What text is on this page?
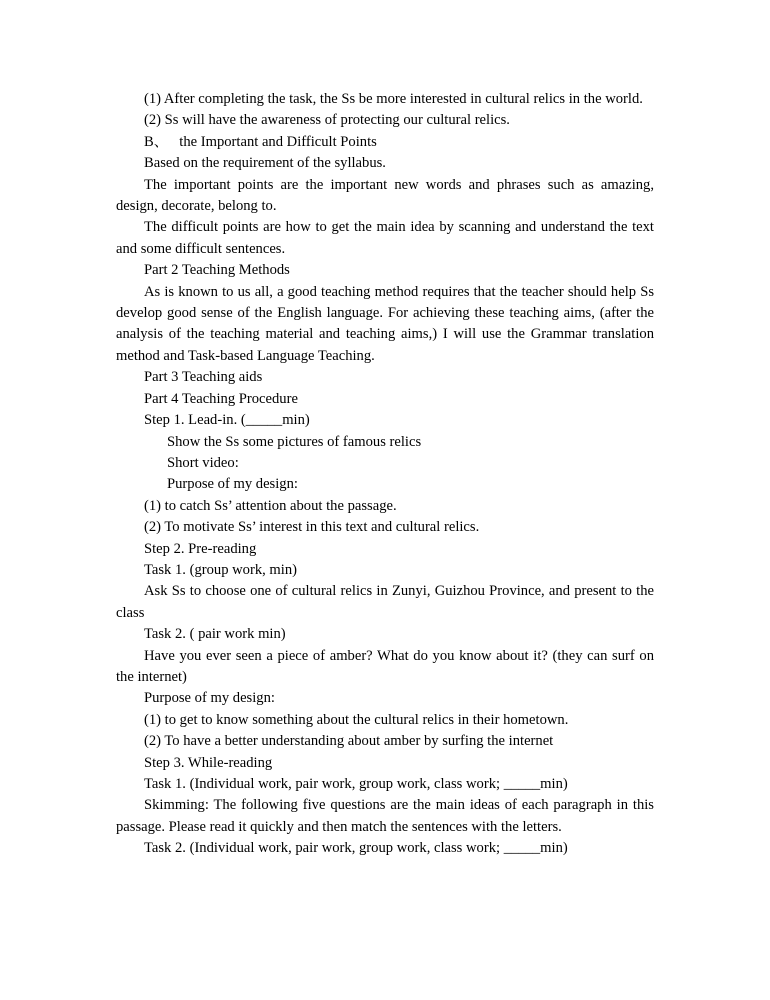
(1) After completing the task, the Ss be more interested in cultural relics in the world.

(2) Ss will have the awareness of protecting our cultural relics.

B、   the Important and Difficult Points

Based on the requirement of the syllabus.

The important points are the important new words and phrases such as amazing, design, decorate, belong to.

The difficult points are how to get the main idea by scanning and understand the text and some difficult sentences.

Part 2 Teaching Methods

As is known to us all, a good teaching method requires that the teacher should help Ss develop good sense of the English language. For achieving these teaching aims, (after the analysis of the teaching material and teaching aims,) I will use the Grammar translation method and Task-based Language Teaching.

Part 3 Teaching aids

Part 4 Teaching Procedure

Step 1. Lead-in. (_____min)

Show the Ss some pictures of famous relics

Short video:

Purpose of my design:

(1) to catch Ss’ attention about the passage.

(2) To motivate Ss’ interest in this text and cultural relics.

Step 2. Pre-reading

Task 1. (group work, min)

Ask Ss to choose one of cultural relics in Zunyi, Guizhou Province, and present to the class

Task 2. ( pair work min)

Have you ever seen a piece of amber? What do you know about it? (they can surf on the internet)

Purpose of my design:

(1) to get to know something about the cultural relics in their hometown.

(2) To have a better understanding about amber by surfing the internet

Step 3. While-reading

Task 1. (Individual work, pair work, group work, class work; _____min)

Skimming: The following five questions are the main ideas of each paragraph in this passage. Please read it quickly and then match the sentences with the letters.

Task 2. (Individual work, pair work, group work, class work; _____min)
